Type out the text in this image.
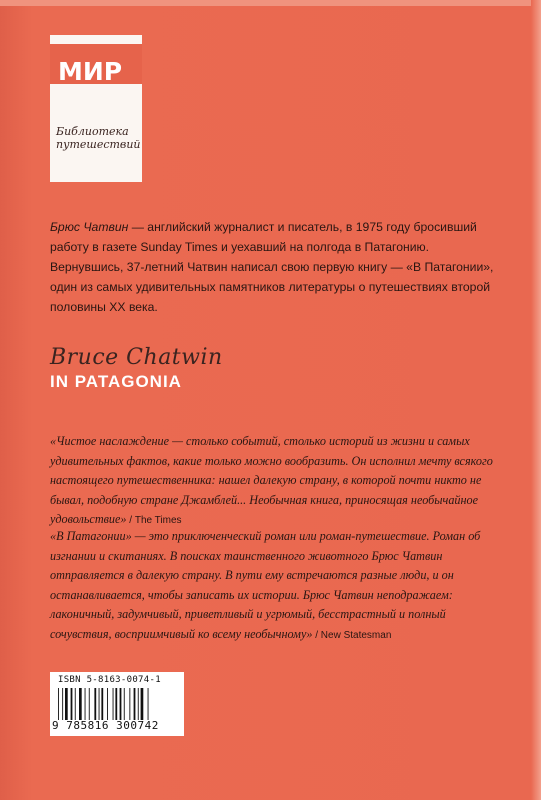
МИР
Библиотека
путешествий
Брюс Чатвин — английский журналист и писатель, в 1975 году бросивший работу в газете Sunday Times и уехавший на полгода в Патагонию. Вернувшись, 37-летний Чатвин написал свою первую книгу — «В Патагонии», один из самых удивительных памятников литературы о путешествиях второй половины XX века.
Bruce Chatwin
IN PATAGONIA
«Чистое наслаждение — столько событий, столько историй из жизни и самых удивительных фактов, какие только можно вообразить. Он исполнил мечту всякого настоящего путешественника: нашел далекую страну, в которой почти никто не бывал, подобную стране Джамблей... Необычная книга, приносящая необычайное удовольствие» / The Times
«В Патагонии» — это приключенческий роман или роман-путешествие. Роман об изгнании и скитаниях. В поисках таинственного животного Брюс Чатвин отправляется в далекую страну. В пути ему встречаются разные люди, и он останавливается, чтобы записать их истории. Брюс Чатвин неподражаем: лаконичный, задумчивый, приветливый и угрюмый, бесстрастный и полный сочувствия, восприимчивый ко всему необычному» / New Statesman
ISBN 5-8163-0074-1
9 785816 300742
